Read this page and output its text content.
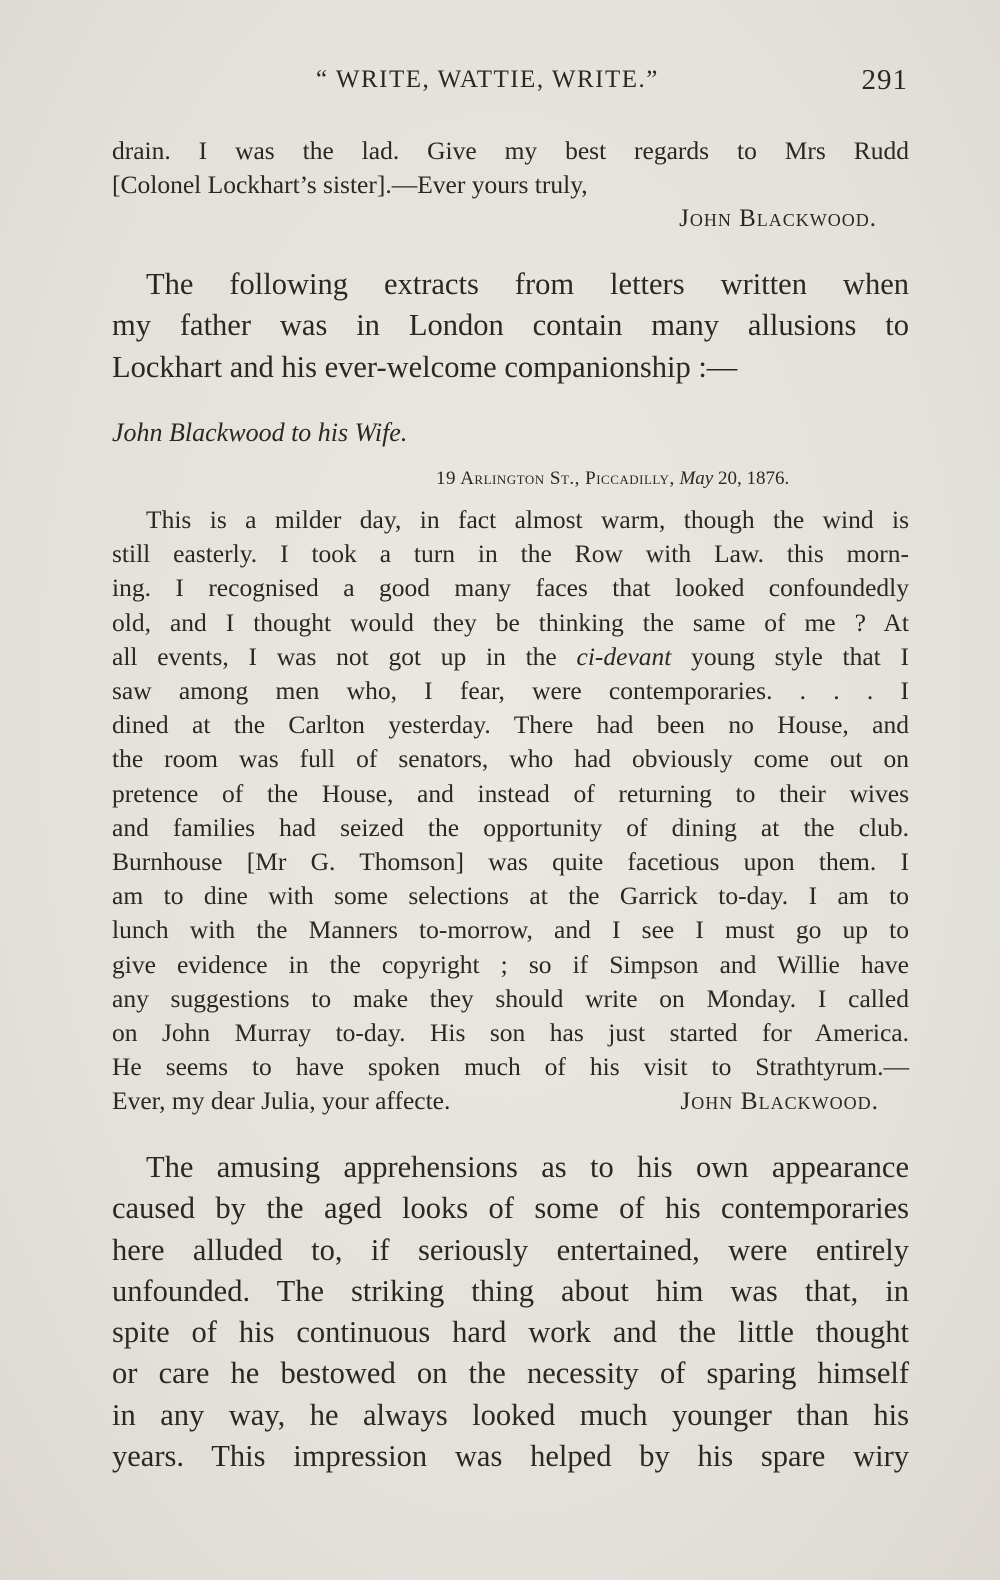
“ WRITE, WATTIE, WRITE.”	291
drain. I was the lad. Give my best regards to Mrs Rudd
[Colonel Lockhart’s sister].—Ever yours truly,
John Blackwood.
The following extracts from letters written when
my father was in London contain many allusions to
Lockhart and his ever-welcome companionship :—
John Blackwood to his Wife.
19 Arlington St., Piccadilly, May 20, 1876.
This is a milder day, in fact almost warm, though the wind is
still easterly. I took a turn in the Row with Law. this morn-
ing. I recognised a good many faces that looked confoundedly
old, and I thought would they be thinking the same of me ? At
all events, I was not got up in the ci-devant young style that I
saw among men who, I fear, were contemporaries. . . . I
dined at the Carlton yesterday. There had been no House, and
the room was full of senators, who had obviously come out on
pretence of the House, and instead of returning to their wives
and families had seized the opportunity of dining at the club.
Burnhouse [Mr G. Thomson] was quite facetious upon them. I
am to dine with some selections at the Garrick to-day. I am to
lunch with the Manners to-morrow, and I see I must go up to
give evidence in the copyright ; so if Simpson and Willie have
any suggestions to make they should write on Monday. I called
on John Murray to-day. His son has just started for America.
He seems to have spoken much of his visit to Strathtyrum.—
Ever, my dear Julia, your affecte.	John Blackwood.
The amusing apprehensions as to his own appearance
caused by the aged looks of some of his contemporaries
here alluded to, if seriously entertained, were entirely
unfounded. The striking thing about him was that, in
spite of his continuous hard work and the little thought
or care he bestowed on the necessity of sparing himself
in any way, he always looked much younger than his
years. This impression was helped by his spare wiry
